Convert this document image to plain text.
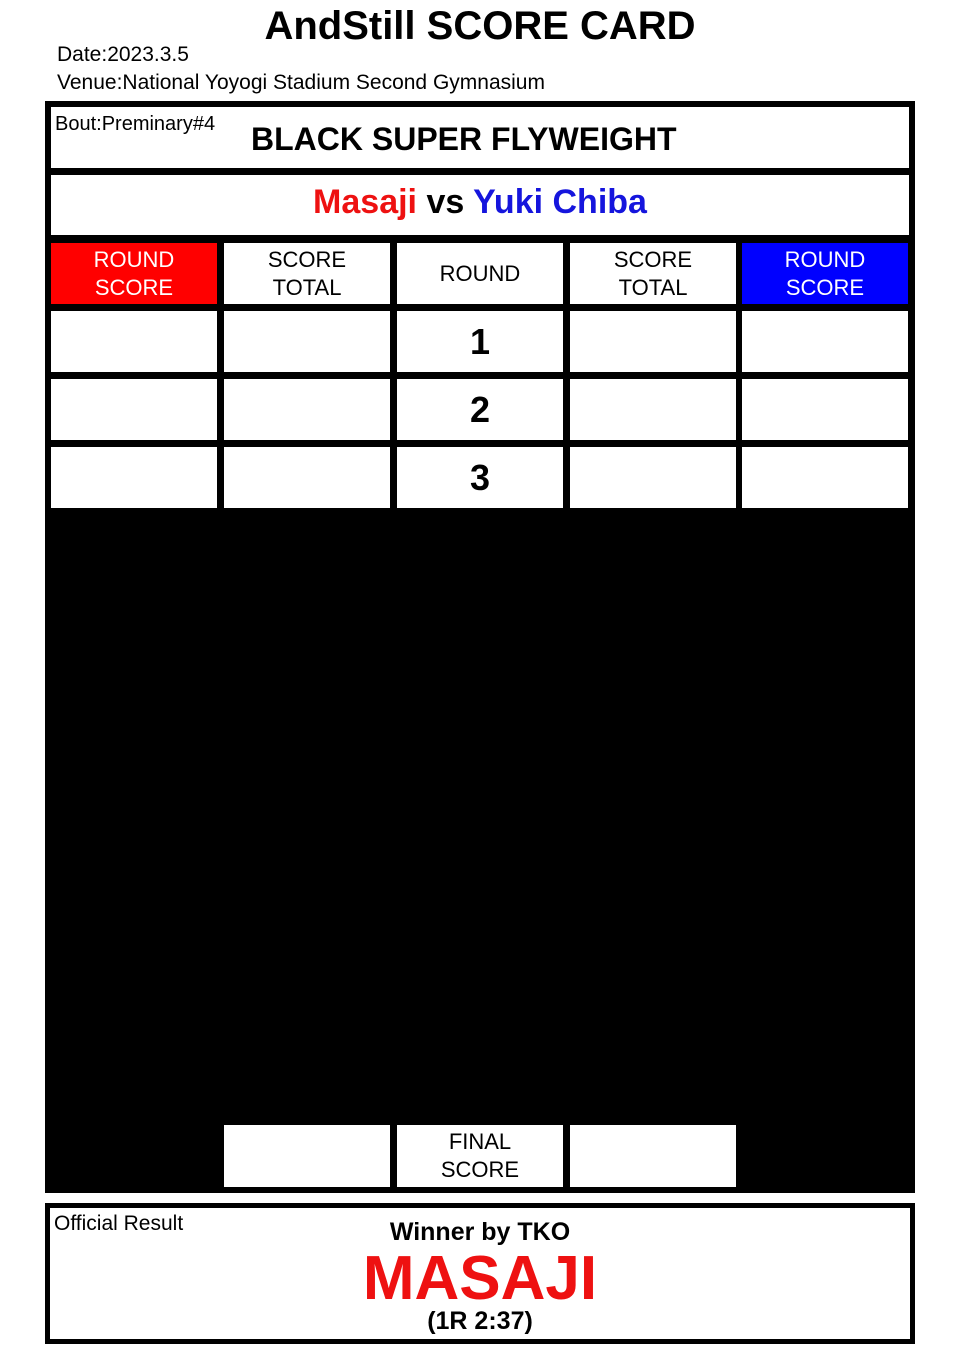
AndStill SCORE CARD
Date:2023.3.5
Venue:National Yoyogi Stadium Second Gymnasium
Bout:Preminary#4 BLACK SUPER FLYWEIGHT
Masaji vs Yuki Chiba
ROUND SCORE
SCORE TOTAL
ROUND
SCORE TOTAL
ROUND SCORE
1
2
3
FINAL SCORE
Official Result	Winner by TKO
MASAJI
(1R 2:37)
